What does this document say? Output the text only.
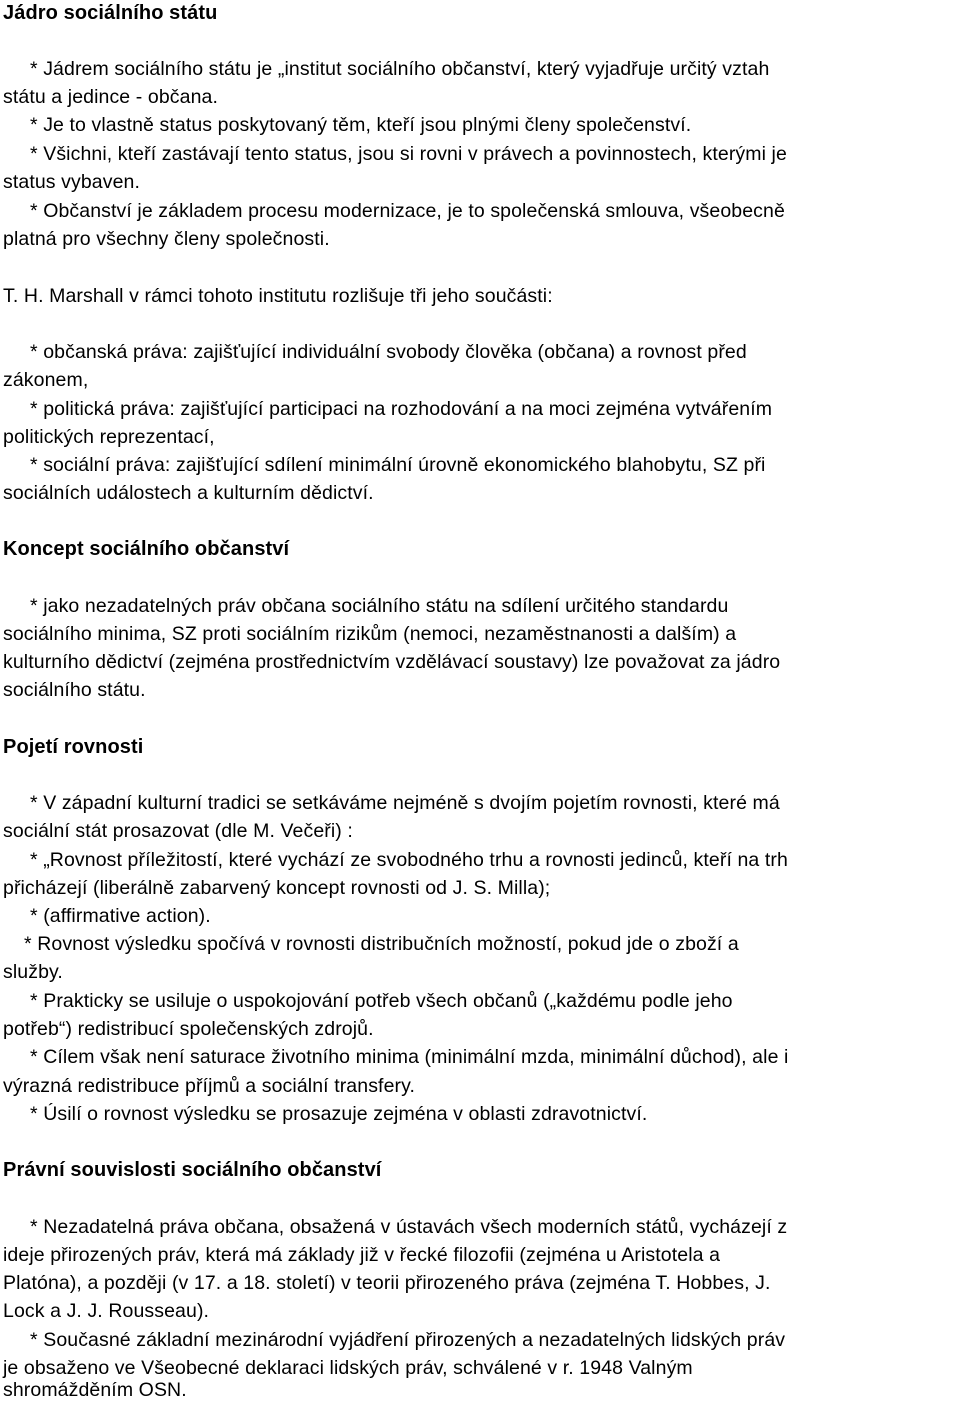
Jádro sociálního státu
* Jádrem sociálního státu je „institut sociálního občanství, který vyjadřuje určitý vztah
státu a jedince - občana.
* Je to vlastně status poskytovaný těm, kteří jsou plnými členy společenství.
* Všichni, kteří zastávají tento status, jsou si rovni v právech a povinnostech, kterými je
status vybaven.
* Občanství je základem procesu modernizace, je to společenská smlouva, všeobecně
platná pro všechny členy společnosti.
T. H. Marshall v rámci tohoto institutu rozlišuje tři jeho součásti:
* občanská práva: zajišťující individuální svobody člověka (občana) a rovnost před
zákonem,
* politická práva: zajišťující participaci na rozhodování a na moci zejména vytvářením
politických reprezentací,
* sociální práva: zajišťující sdílení minimální úrovně ekonomického blahobytu, SZ při
sociálních událostech a kulturním dědictví.
Koncept sociálního občanství
* jako nezadatelných práv občana sociálního státu na sdílení určitého standardu
sociálního minima, SZ proti sociálním rizikům (nemoci, nezaměstnanosti a dalším) a
kulturního dědictví (zejména prostřednictvím vzdělávací soustavy) lze považovat za jádro
sociálního státu.
Pojetí rovnosti
* V západní kulturní tradici se setkáváme nejméně s dvojím pojetím rovnosti, které má
sociální stát prosazovat (dle M. Večeři) :
* „Rovnost příležitostí, které vychází ze svobodného trhu a rovnosti jedinců, kteří na trh
přicházejí (liberálně zabarvený koncept rovnosti od J. S. Milla);
* (affirmative action).
* Rovnost výsledku spočívá v rovnosti distribučních možností, pokud jde o zboží a
služby.
* Prakticky se usiluje o uspokojování potřeb všech občanů („každému podle jeho
potřeb“) redistribucí společenských zdrojů.
* Cílem však není saturace životního minima (minimální mzda, minimální důchod), ale i
výrazná redistribuce příjmů a sociální transfery.
* Úsilí o rovnost výsledku se prosazuje zejména v oblasti zdravotnictví.
Právní souvislosti sociálního občanství
* Nezadatelná práva občana, obsažená v ústavách všech moderních států, vycházejí z
ideje přirozených práv, která má základy již v řecké filozofii (zejména u Aristotela a
Platóna), a později (v 17. a 18. století) v teorii přirozeného práva (zejména T. Hobbes, J.
Lock a J. J. Rousseau).
* Současné základní mezinárodní vyjádření přirozených a nezadatelných lidských práv
je obsaženo ve Všeobecné deklaraci lidských práv, schválené v r. 1948 Valným
shromážděním OSN.
